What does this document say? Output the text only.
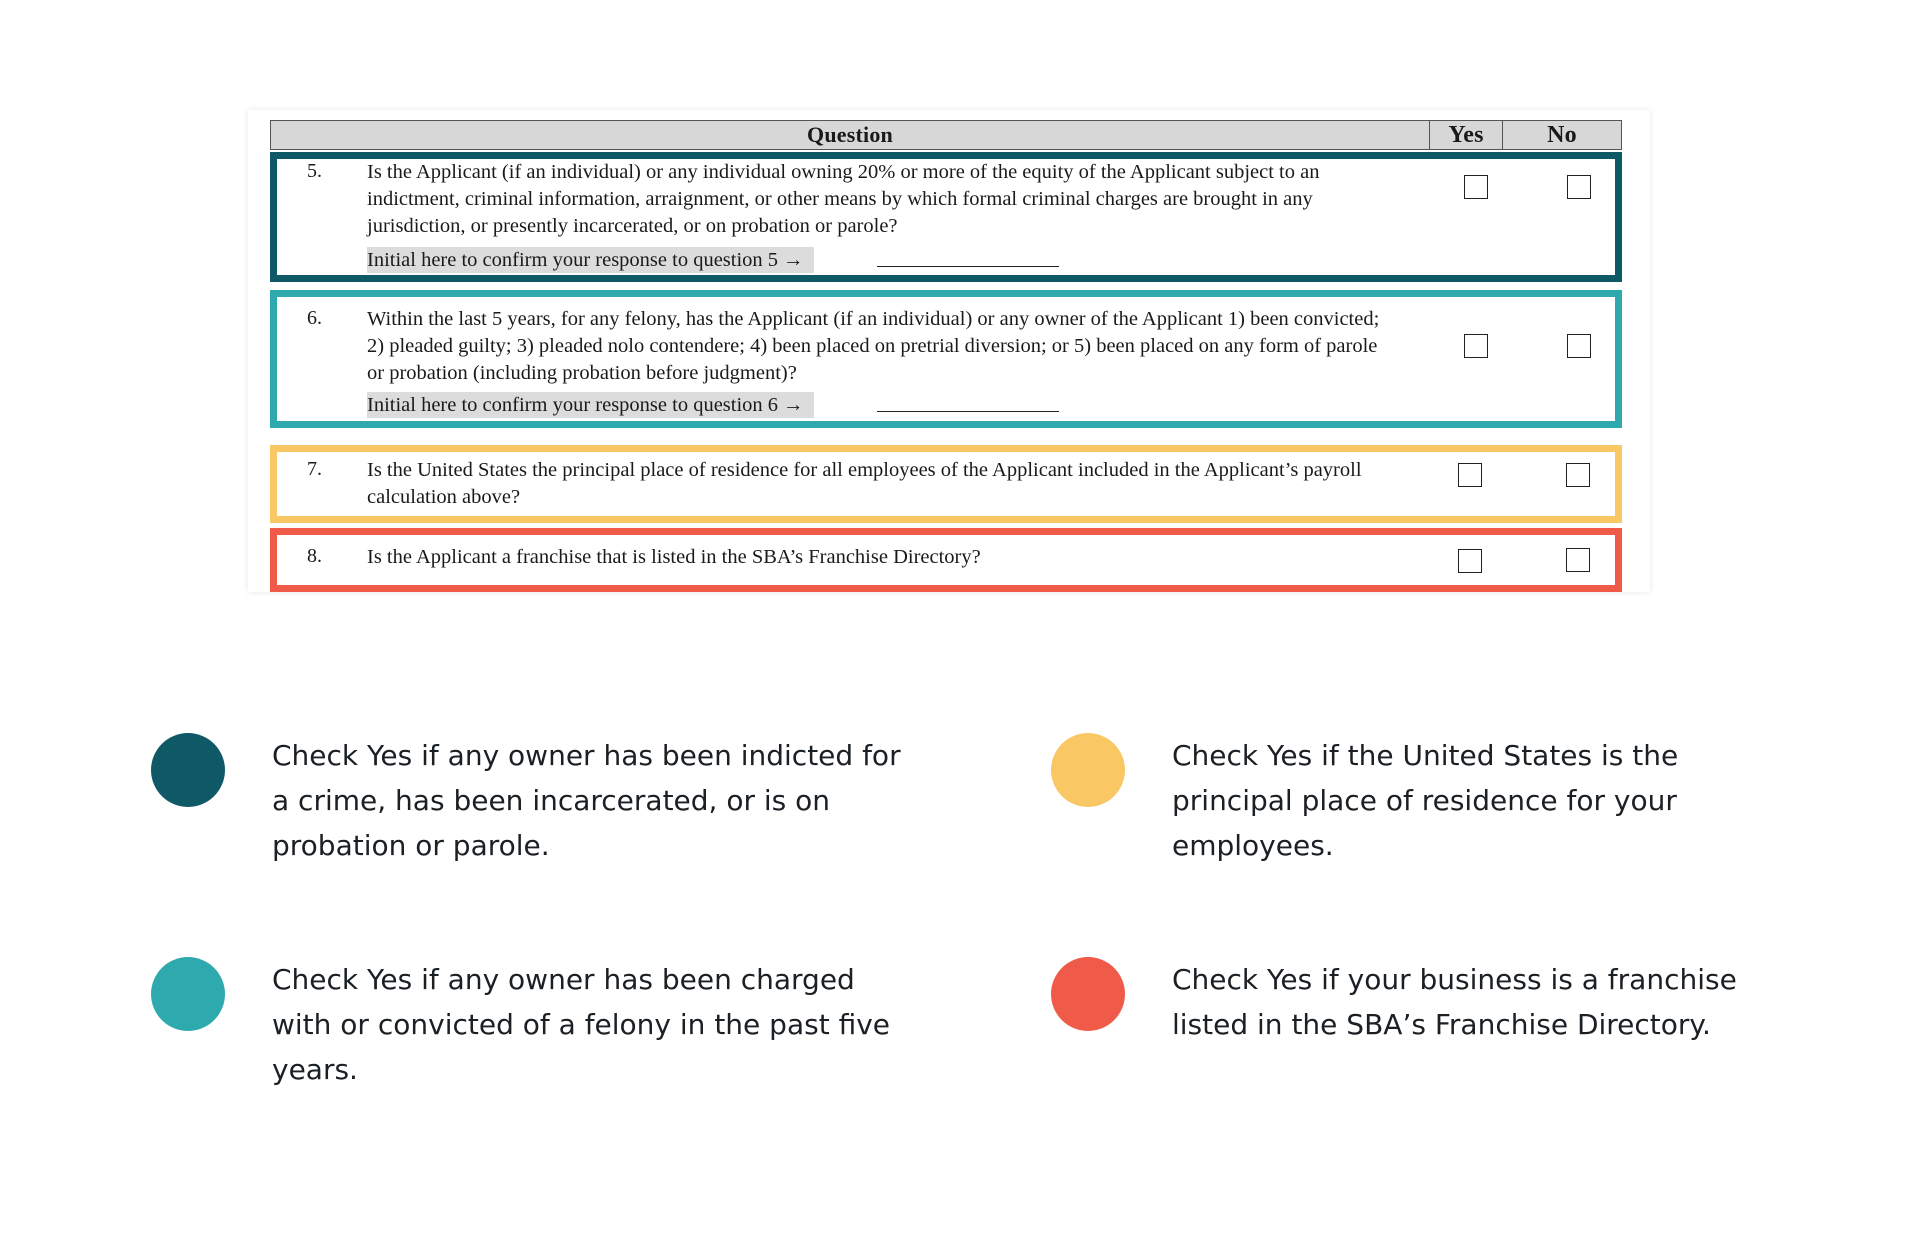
Question	Yes	No
5. Is the Applicant (if an individual) or any individual owning 20% or more of the equity of the Applicant subject to an indictment, criminal information, arraignment, or other means by which formal criminal charges are brought in any jurisdiction, or presently incarcerated, or on probation or parole?
Initial here to confirm your response to question 5 →
6. Within the last 5 years, for any felony, has the Applicant (if an individual) or any owner of the Applicant 1) been convicted; 2) pleaded guilty; 3) pleaded nolo contendere; 4) been placed on pretrial diversion; or 5) been placed on any form of parole or probation (including probation before judgment)?
Initial here to confirm your response to question 6 →
7. Is the United States the principal place of residence for all employees of the Applicant included in the Applicant’s payroll calculation above?
8. Is the Applicant a franchise that is listed in the SBA’s Franchise Directory?
Check Yes if any owner has been indicted for a crime, has been incarcerated, or is on probation or parole.
Check Yes if the United States is the principal place of residence for your employees.
Check Yes if any owner has been charged with or convicted of a felony in the past five years.
Check Yes if your business is a franchise listed in the SBA’s Franchise Directory.
